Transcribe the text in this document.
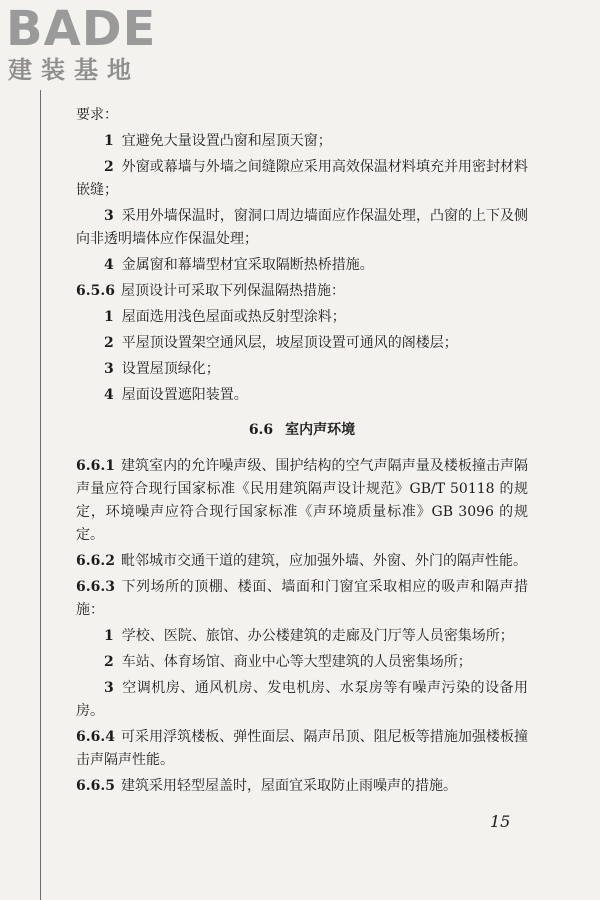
BADE
建装基地

要求：

1 宜避免大量设置凸窗和屋顶天窗；

2 外窗或幕墙与外墙之间缝隙应采用高效保温材料填充并用密封材料嵌缝；

3 采用外墙保温时，窗洞口周边墙面应作保温处理，凸窗的上下及侧向非透明墙体应作保温处理；

4 金属窗和幕墙型材宜采取隔断热桥措施。

6.5.6 屋顶设计可采取下列保温隔热措施：

1 屋面选用浅色屋面或热反射型涂料；

2 平屋顶设置架空通风层，坡屋顶设置可通风的阁楼层；

3 设置屋顶绿化；

4 屋面设置遮阳装置。

6.6 室内声环境

6.6.1 建筑室内的允许噪声级、围护结构的空气声隔声量及楼板撞击声隔声量应符合现行国家标准《民用建筑隔声设计规范》GB/T 50118 的规定，环境噪声应符合现行国家标准《声环境质量标准》GB 3096 的规定。

6.6.2 毗邻城市交通干道的建筑，应加强外墙、外窗、外门的隔声性能。

6.6.3 下列场所的顶棚、楼面、墙面和门窗宜采取相应的吸声和隔声措施：

1 学校、医院、旅馆、办公楼建筑的走廊及门厅等人员密集场所；

2 车站、体育场馆、商业中心等大型建筑的人员密集场所；

3 空调机房、通风机房、发电机房、水泵房等有噪声污染的设备用房。

6.6.4 可采用浮筑楼板、弹性面层、隔声吊顶、阻尼板等措施加强楼板撞击声隔声性能。

6.6.5 建筑采用轻型屋盖时，屋面宜采取防止雨噪声的措施。

15
